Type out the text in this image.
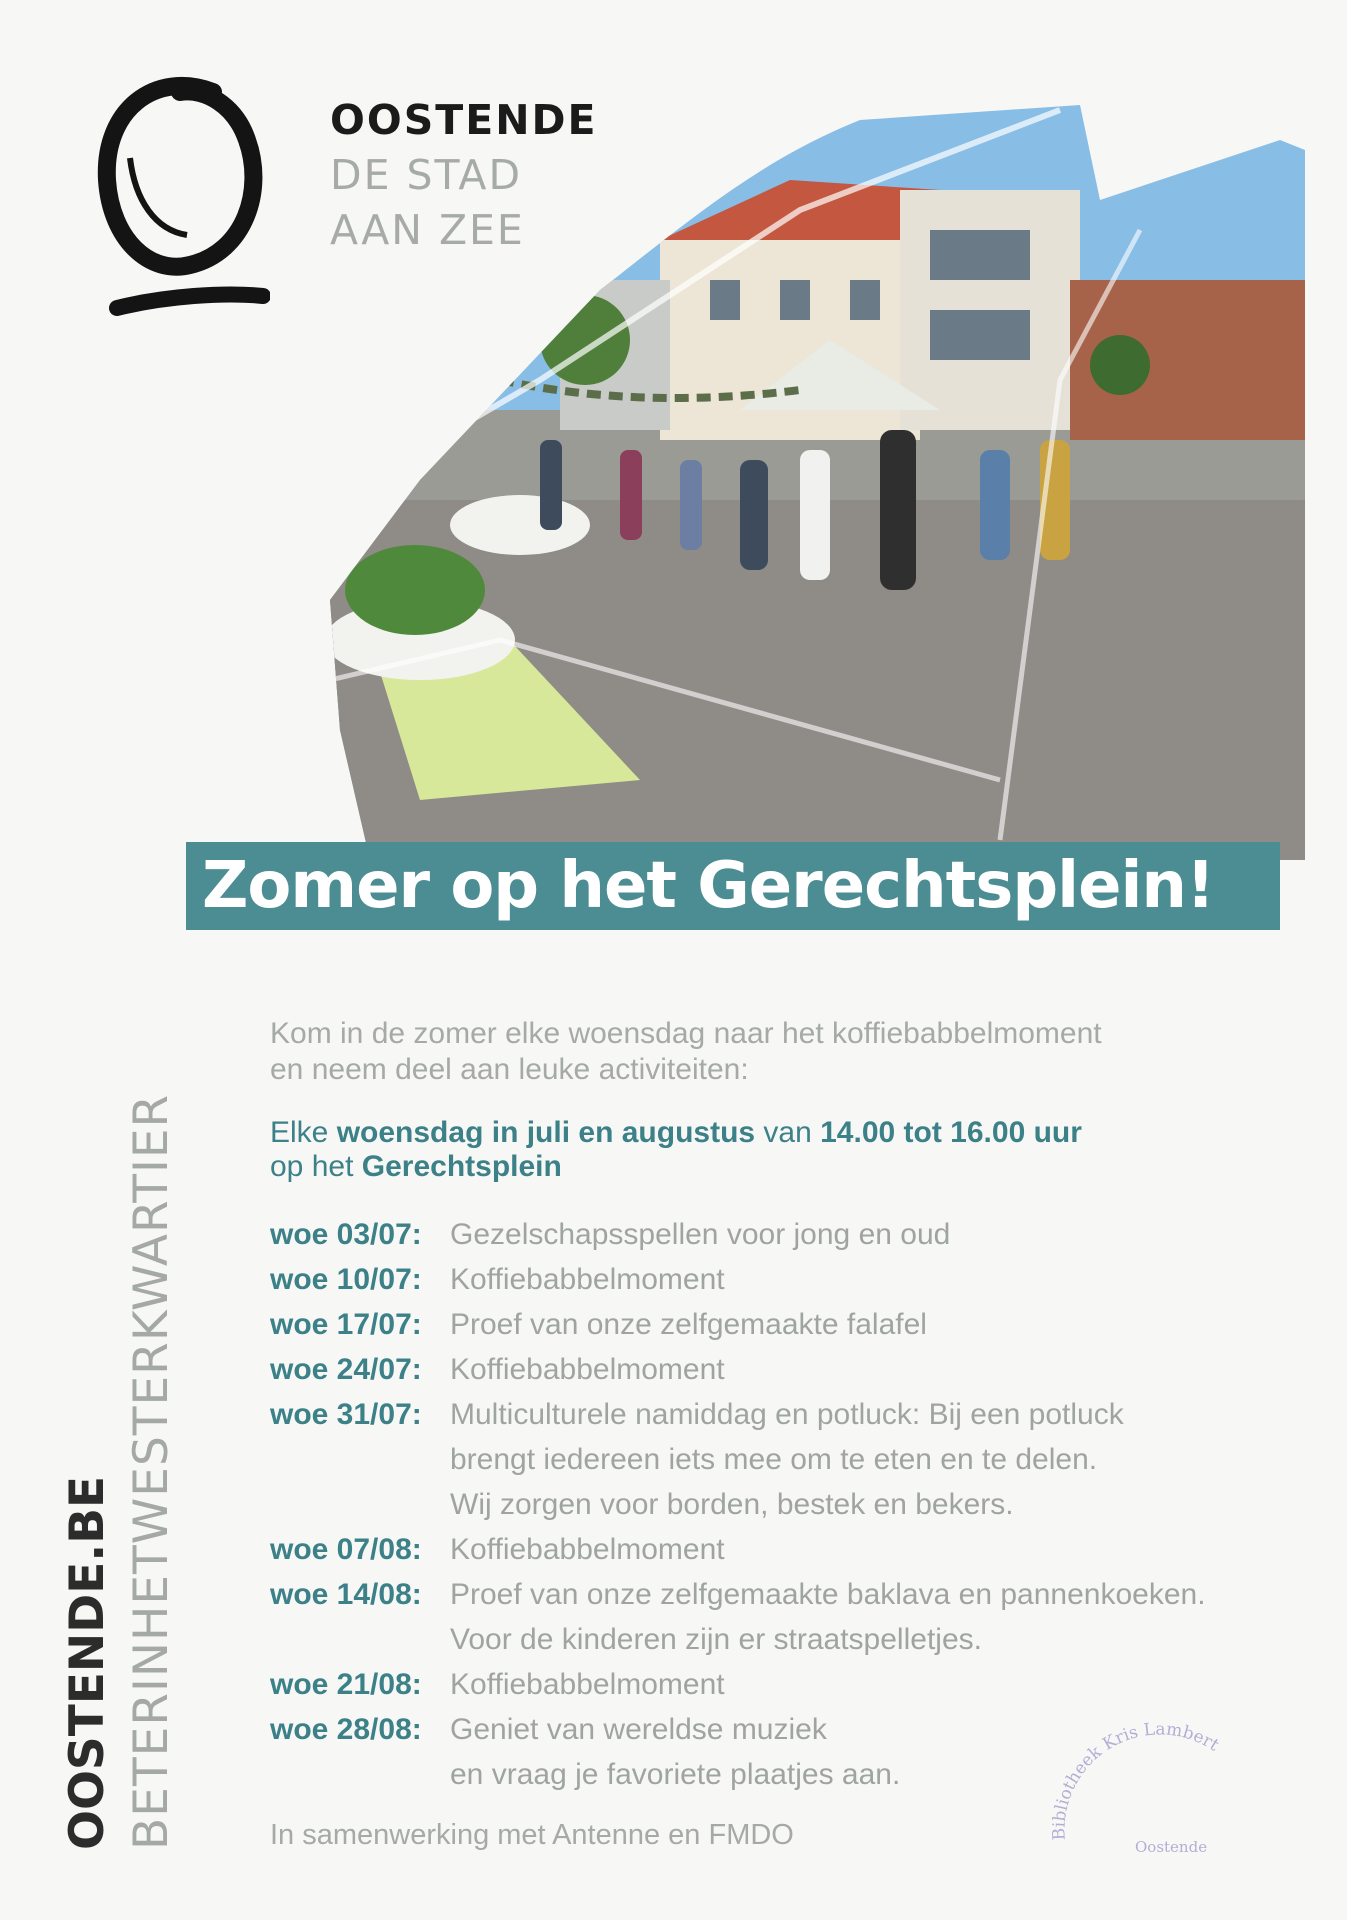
OOSTENDE
DE STAD
AAN ZEE
Zomer op het Gerechtsplein!
OOSTENDE.BE BETERINHETWESTERKWARTIER
Kom in de zomer elke woensdag naar het koffiebabbelmoment
en neem deel aan leuke activiteiten:
Elke woensdag in juli en augustus van 14.00 tot 16.00 uur
op het Gerechtsplein
woe 03/07: Gezelschapsspellen voor jong en oud
woe 10/07: Koffiebabbelmoment
woe 17/07: Proef van onze zelfgemaakte falafel
woe 24/07: Koffiebabbelmoment
woe 31/07: Multiculturele namiddag en potluck: Bij een potluck
brengt iedereen iets mee om te eten en te delen.
Wij zorgen voor borden, bestek en bekers.
woe 07/08: Koffiebabbelmoment
woe 14/08: Proef van onze zelfgemaakte baklava en pannenkoeken.
Voor de kinderen zijn er straatspelletjes.
woe 21/08: Koffiebabbelmoment
woe 28/08: Geniet van wereldse muziek
en vraag je favoriete plaatjes aan.
In samenwerking met Antenne en FMDO	Bibliotheek Kris Lambert
Oostende
